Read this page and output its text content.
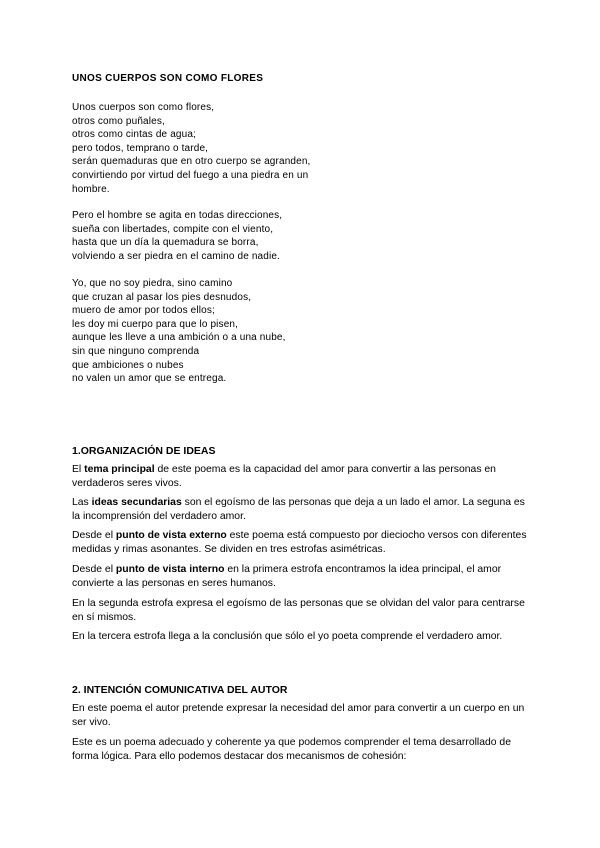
UNOS CUERPOS SON COMO FLORES
Unos cuerpos son como flores,
otros como puñales,
otros como cintas de agua;
pero todos, temprano o tarde,
serán quemaduras que en otro cuerpo se agranden,
convirtiendo por virtud del fuego a una piedra en un
hombre.
Pero el hombre se agita en todas direcciones,
sueña con libertades, compite con el viento,
hasta que un día la quemadura se borra,
volviendo a ser piedra en el camino de nadie.
Yo, que no soy piedra, sino camino
que cruzan al pasar los pies desnudos,
muero de amor por todos ellos;
les doy mi cuerpo para que lo pisen,
aunque les lleve a una ambición o a una nube,
sin que ninguno comprenda
que ambiciones o nubes
no valen un amor que se entrega.
1.ORGANIZACIÓN DE IDEAS

El tema principal de este poema es la capacidad del amor para convertir a las personas en verdaderos seres vivos.

Las ideas secundarias son el egoísmo de las personas que deja a un lado el amor. La seguna es la incomprensión del verdadero amor.

Desde el punto de vista externo este poema está compuesto por dieciocho versos con diferentes medidas y rimas asonantes. Se dividen en tres estrofas asimétricas.

Desde el punto de vista interno en la primera estrofa encontramos la idea principal, el amor convierte a las personas en seres humanos.

En la segunda estrofa expresa el egoísmo de las personas que se olvidan del valor para centrarse en sí mismos.

En la tercera estrofa llega a la conclusión que sólo el yo poeta comprende el verdadero amor.

2. INTENCIÓN COMUNICATIVA DEL AUTOR

En este poema el autor pretende expresar la necesidad del amor para convertir a un cuerpo en un ser vivo.

Este es un poema adecuado y coherente ya que podemos comprender el tema desarrollado de forma lógica. Para ello podemos destacar dos mecanismos de cohesión:
